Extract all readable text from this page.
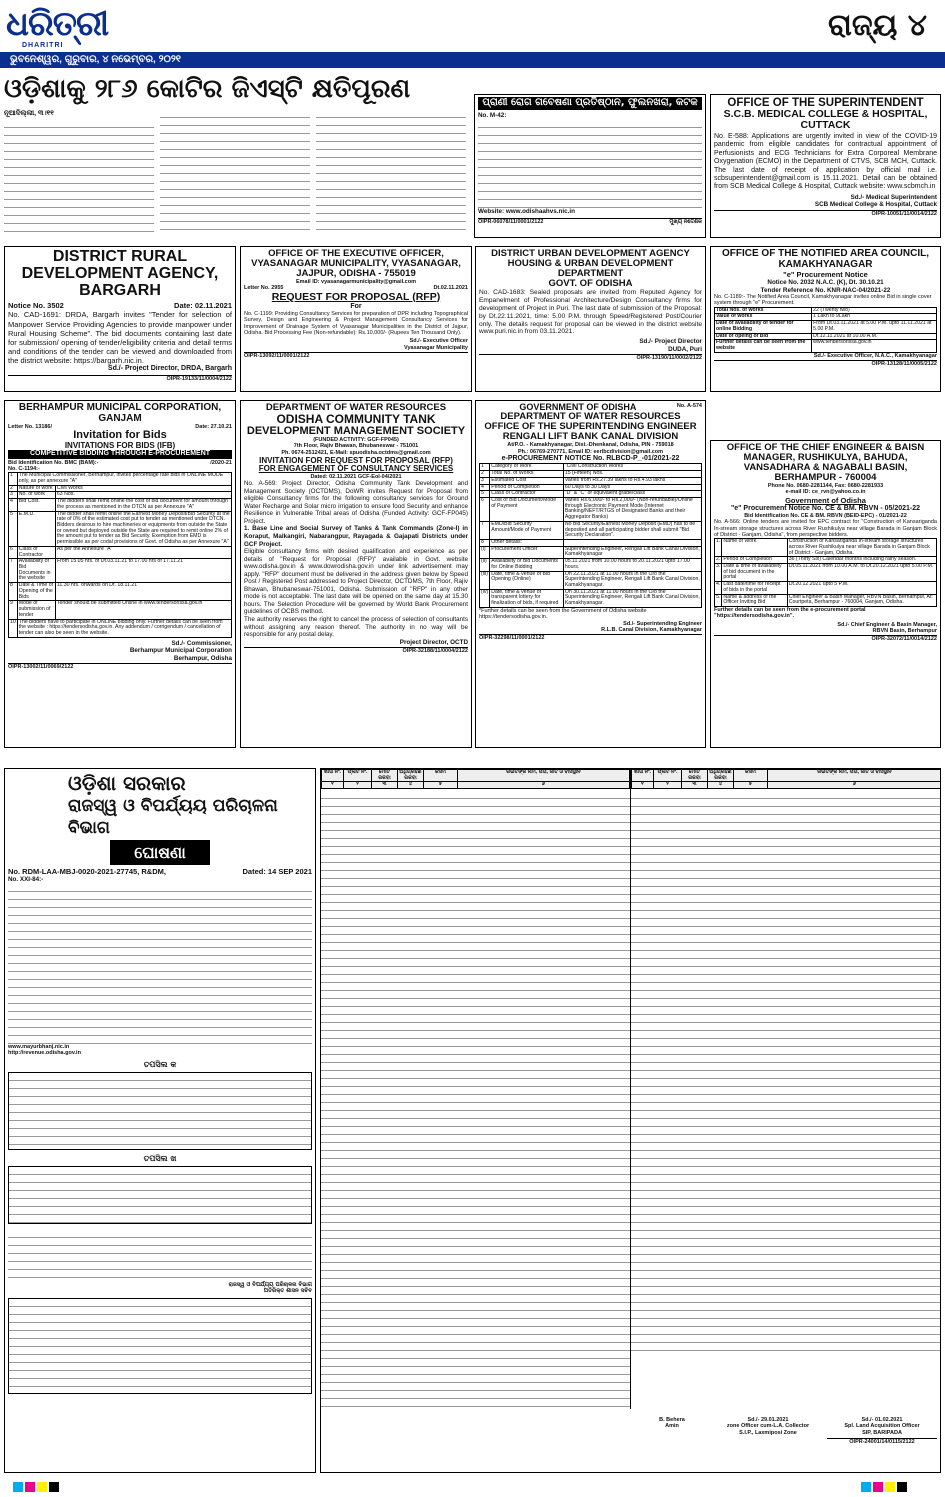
ଧରିତ୍ରୀ
DHARITRI
ରାଜ୍ୟ ୪
ଭୁବନେଶ୍ୱର, ଗୁରୁବାର, ୪ ନଭେମ୍ବର, ୨୦୨୧
ଓଡ଼ିଶାକୁ ୨୮୬ କୋଟିର ଜିଏସ୍‌ଟି କ୍ଷତିପୂରଣ
ନୂଆଦିଲ୍ଲୀ, ୩।୧୧
ପ୍ରାଣୀ ରୋଗ ଗବେଷଣା ପ୍ରତିଷ୍ଠାନ, ଫୁଲନଖରା, କଟକ
No. M-42:
Website: www.odishaahvs.nic.in
OIPR-06078/11/0001/2122	ମୁଖ୍ୟ ନିର୍ଦ୍ଦେଶକ
OFFICE OF THE SUPERINTENDENT
S.C.B. MEDICAL COLLEGE & HOSPITAL, CUTTACK
No. E-588: Applications are urgently invited in view of the COVID-19 pandemic from eligible candidates for contractual appointment of Perfusionists and ECG Technicians for Extra Corporeal Membrane Oxygenation (ECMO) in the Department of CTVS, SCB MCH, Cuttack. The last date of receipt of application by official mail i.e. scbsuperintendent@gmail.com is 15.11.2021. Detail can be obtained from SCB Medical College & Hospital, Cuttack website: www.scbmch.in
Sd./- Medical Superintendent
SCB Medical College & Hospital, Cuttack
OIPR-10051/11/0014/2122
DISTRICT RURAL DEVELOPMENT AGENCY, BARGARH
Notice No. 3502	Date: 02.11.2021
No. CAD-1691: DRDA, Bargarh invites "Tender for selection of Manpower Service Providing Agencies to provide manpower under Rural Housing Scheme". The bid documents containing last date for submission/ opening of tender/eligibility criteria and detail terms and conditions of the tender can be viewed and downloaded from the district website: https://bargarh.nic.in.
Sd./- Project Director, DRDA, Bargarh
OIPR-19133/11/0004/2122
OFFICE OF THE EXECUTIVE OFFICER, VYASANAGAR MUNICIPALITY, VYASANAGAR, JAJPUR, ODISHA - 755019
Email ID: vyasanagarmunicipality@gmail.com
Letter No. 2955	Dt.02.11.2021
REQUEST FOR PROPOSAL (RFP)
For
No. C-1199: Providing Consultancy Services for preparation of DPR including Topographical Survey, Design and Engineering & Project Management Consultancy Services for Improvement of Drainage System of Vyasanagar Municipalities in the District of Jajpur, Odisha. Bid Processing Fee (Non-refundable): Rs.10,000/- (Rupees Ten Thousand Only).
Sd./- Executive Officer
Vyasanagar Municipality
OIPR-13092/11/0001/2122
DISTRICT URBAN DEVELOPMENT AGENCY
HOUSING & URBAN DEVELOPMENT DEPARTMENT
GOVT. OF ODISHA
No. CAD-1683: Sealed proposals are invited from Reputed Agency for Empanelment of Professional Architecture/Design Consultancy firms for development of Project in Puri. The last date of submission of the Proposal: by Dt.22.11.2021, time: 5.00 P.M. through Speed/Registered Post/Courier only. The details request for proposal can be viewed in the district website www.puri.nic.in from 03.11.2021.
Sd./- Project Director
DUDA, Puri
OIPR-13190/11/0002/2122
OFFICE OF THE NOTIFIED AREA COUNCIL, KAMAKHYANAGAR
"e" Procurement Notice
Notice No. 2032 N.A.C. (K), Dt. 30.10.21
Tender Reference No. KNR-NAC-04/2021-22
No. C-1189:- The Notified Area Council, Kamakhyanagar invites online Bid in single cover system through "e" Procurement.
Total Nos. of works	22 (Twenty two)
Value of works	1 Lakh to 9Lakh
Date of availability of tender for online Bidding	From Dt.03.11.2021 at 5.00 P.M. upto 11.11.2021 at 5.00 P.M.
Date of opeing of Bid	Dt.12.11.2021 at 10.00 A.M.
Further details can be seen from the website	www.tendersorissa.gov.in
Sd./- Executive Officer, N.A.C., Kamakhyanagar
OIPR-13128/11/0005/2122
BERHAMPUR MUNICIPAL CORPORATION, GANJAM
Letter No. 13186/	Date: 27.10.21
Invitation for Bids
INVITATIONS FOR BIDS (IFB)
COMPETITIVE BIDDING THROUGH E-PROCUREMENT
Bid Identification No. BMC (BAM):-	/2020-21
No. C-1194:-
1	The Municipal Commissioner, Berhampur, invites percentage rate bids in ONLINE MODE only, as per annexure "A"	
2	Nature of work	Civil Works
3	No. of work	63 Nos.
4	Bid Cost.	The bidders shall remit online the cost of bid document for amount through the process as mentioned in the DTCN as per Annexure "A"
5	E.M.D.	The bidder shall remit online the Earnest Money Deposit/Bid Security at the rate of 0% of the estimated cost put to tender as mentioned under DTCN. Bidders desirous to hire machineries or equipments from outside the State or owned but deployed outside the State are required to remit online 2% of the amount put to tender as Bid Security. Exemption from EMD is permissible as per codal provisions of Govt. of Odisha as per Annexure "A"
6	Class of Contractor	As per the Annexure "A"
7	Availability of Bid Documents in the website	From 15.05 hrs. of Dt.03.11.21 to 17.00 hrs of 17.11.21
8	Date & Time of Opening of the Bids	11.30 hrs. onwards on Dt. 18.11.21
9	Mode of submission of tender	Tender should be submitted Online in www.tendersorissa.gov.in
10	The bidders have to participate in ONLINE bidding only. Further details can be seen from the website : https://tendersodisha.gov.in. Any addendum / corrigendum / cancellation of tender can also be seen in the website.	
Sd./- Commissioner,
Berhampur Municipal Corporation
Berhampur, Odisha
OIPR-13002/11/0069/2122
DEPARTMENT OF WATER RESOURCES
ODISHA COMMUNITY TANK
DEVELOPMENT MANAGEMENT SOCIETY
(FUNDED ACTIVITY: GCF-FP045)
7th Floor, Rajiv Bhawan, Bhubaneswar - 751001
Ph. 0674-2512421, E-Mail: spuodisha.octdms@gmail.com
INVITATION FOR REQUEST FOR PROPOSAL (RFP)
FOR ENGAGEMENT OF CONSULTANCY SERVICES
Dated: 02.11.2021 GCF-Eol-04/2021
No. A-569: Project Director, Odisha Community Tank Development and Management Society (OCTDMS), DoWR invites Request for Proposal from eligible Consultancy firms for the following consultancy services for Ground Water Recharge and Solar micro irrigation to ensure food Security and enhance Resilience in Vulnerable Tribal areas of Odisha (Funded Activity: GCF-FP045) Project.
1. Base Line and Social Survey of Tanks & Tank Commands (Zone-I) in Koraput, Malkangiri, Nabarangpur, Rayagada & Gajapati Districts under GCF Project.
Eligible consultancy firms with desired qualification and experience as per details of "Request for Proposal (RFP)" available in Govt. website www.odisha.gov.in & www.dowrodisha.gov.in under link advertisement may apply. "RFP" document must be delivered in the address given below by Speed Post / Registered Post addressed to Project Director, OCTDMS, 7th Floor, Rajiv Bhawan, Bhubaneswar-751001, Odisha. Submission of "RFP" in any other mode is not acceptable. The last date will be opened on the same day at 15.30 hours. The Selection Procedure will be governed by World Bank Procurement guidelines of OCBS method.
The authority reserves the right to cancel the process of selection of consultants without assigning any reason thereof. The authority in no way will be responsible for any postal delay.
Project Director, OCTD
OIPR-32188/11/0004/2122
GOVERNMENT OF ODISHA	No. A-574
DEPARTMENT OF WATER RESOURCES
OFFICE OF THE SUPERINTENDING ENGINEER
RENGALI LIFT BANK CANAL DIVISION
At/P.O. - Kamakhyanagar, Dist.-Dhenkanal, Odisha, PIN - 759018
Ph.: 06769-270771, Email ID: eerlbcdivision@gmail.com
e-PROCUREMENT NOTICE No. RLBCD-P_-01/2021-22
1	Category of Work	"Civil Construction Works"
2	Total No. of Works	15 (Fifteen) Nos.
3	Estimated Cost	Varies from Rs.27.39 lakhs to Rs.4.93 lakhs
4	Period of Completion	60 Days to 30 Days
5	Class of Contractor	"D" & "C" or equivalent grade/class
6	Cost of Bid Document/Mode of Payment	Varies Rs.6,000/- to Rs.2,000/- (Non-refundable)/Online through Electronic Payment Mode (Internet Banking/NEFT/RTGS of Designated Banks and their Aggregator Banks)
7	EMD/Bid Security Amount/Mode of Payment	No Bid Security/Earnest Money Deposit (EMD) has to be deposited and all participating bidder shall submit "Bid Security Declaration".
8	Other details:	
(i)	Procurement Officer	Superintending Engineer, Rengali Lift Bank Canal Division, Kamakhyanagar
(ii)	Availability of Bid Documents for Online Bidding	05.11.2021 from 10.00 hours to 20.11.2021 upto 17.00 hours.
(iii)	Date, time & venue of Bid Opening (Online)	On 22.11.2021 at 11.00 hours in the O/o the Superintending Engineer, Rengali Lift Bank Canal Division, Kamakhyanagar.
(iv)	Date, time & venue of transparent lottery for finalization of bids, if required	On 30.11.2021 at 11.00 hours in the O/o the Superintending Engineer, Rengali Lift Bank Canal Division, Kamakhyanagar.
*Further details can be seen from the Government of Odisha website https://tendersodisha.gov.in.
Sd./- Superintending Engineer
R.L.B. Canal Division, Kamakhyanagar
OIPR-32298/11/0001/2122
OFFICE OF THE CHIEF ENGINEER & BAISN MANAGER, RUSHIKULYA, BAHUDA, VANSADHARA & NAGABALI BASIN, BERHAMPUR - 760004
Phone No. 0680-2281144, Fax: 0680-2281933
e-mail ID: ce_rvn@yahoo.co.in
Government of Odisha
"e" Procurement Notice No. CE & BM. RBVN - 05/2021-22
Bid Identification No. CE & BM. RBVN (BEID-EPC) - 01/2021-22
No. A-566: Online tenders are invited for EPC contract for "Construction of Kansariganda In-stream storage structures across River Rushikulya near village Barada in Ganjam Block of District - Ganjam, Odisha", from perspective bidders.
1.	Name of Work	Construction of Kansariganda In-stream storage structures across River Rushikulya near village Barada in Ganjam Block of District - Ganjam, Odisha.
2.	Period of Completion	36 (Thirty Six) Calendar months including rainy season.
3.	Date & time of availability of bid document in the portal	Dt.05.11.2021 from 10.00 A.M. to Dt.20.12.2021 upto 5.00 P.M.
4.	Last date/time for receipt of bids in the portal	Dt.20.12.2021 upto 5 P.M.
5.	Name & address of the Officer Inviting Bid	Chief Engineer & Basin Manager, RBVN Basin, Berhampur, At: Courtpeta, Berhampur - 760004, Ganjam, Odisha.
Further details can be seen from the e-procurement portal "https://tendersodisha.gov.in".
Sd./- Chief Engineer & Basin Manager,
RBVN Basin, Berhampur
OIPR-32072/11/0014/2122
ଓଡ଼ିଶା ସରକାର
ରାଜସ୍ୱ ଓ ବିପର୍ଯ୍ୟୟ ପରିଚାଳନା ବିଭାଗ
ଘୋଷଣା
No. RDM-LAA-MBJ-0020-2021-27745, R&DM,	Dated: 14 SEP 2021
No. XXI-84:-
www.mayurbhanj.nic.in
http://revenue.odisha.gov.in
ତପସିଲ କ
ତପସିଲ ଖ
ରାଜସ୍ୱ ଓ ବିପର୍ଯ୍ୟୟ ପରିଚାଳନା ବିଭାଗ
ଅତିରିକ୍ତ ଶାସନ ସଚିବ
ଖାତା ନଂ.	ପ୍ଲଟ ନଂ.	ମୋଟ ରକବା	ଅଧିଗ୍ରହଣ ରକବା	କିସମ	ରଇତଙ୍କ ନାମ, ପିତା, ଜାତି ଓ ବାସସ୍ଥାନ
୧	୨	୩	୪	୫	୬
ଖାତା ନଂ.	ପ୍ଲଟ ନଂ.	ମୋଟ ରକବା	ଅଧିଗ୍ରହଣ ରକବା	କିସମ	ରଇତଙ୍କ ନାମ, ପିତା, ଜାତି ଓ ବାସସ୍ଥାନ
୧	୨	୩	୪	୫	୬
B. Behera
Amin
Sd./- 29.01.2021
zone Officer cum-L.A. Collector
S.I.P., Laxmiposi Zone
Sd./- 01.02.2021
Spl. Land Acquisition Officer
SIP, BARIPADA
OIPR-24001/14/0115/2122
